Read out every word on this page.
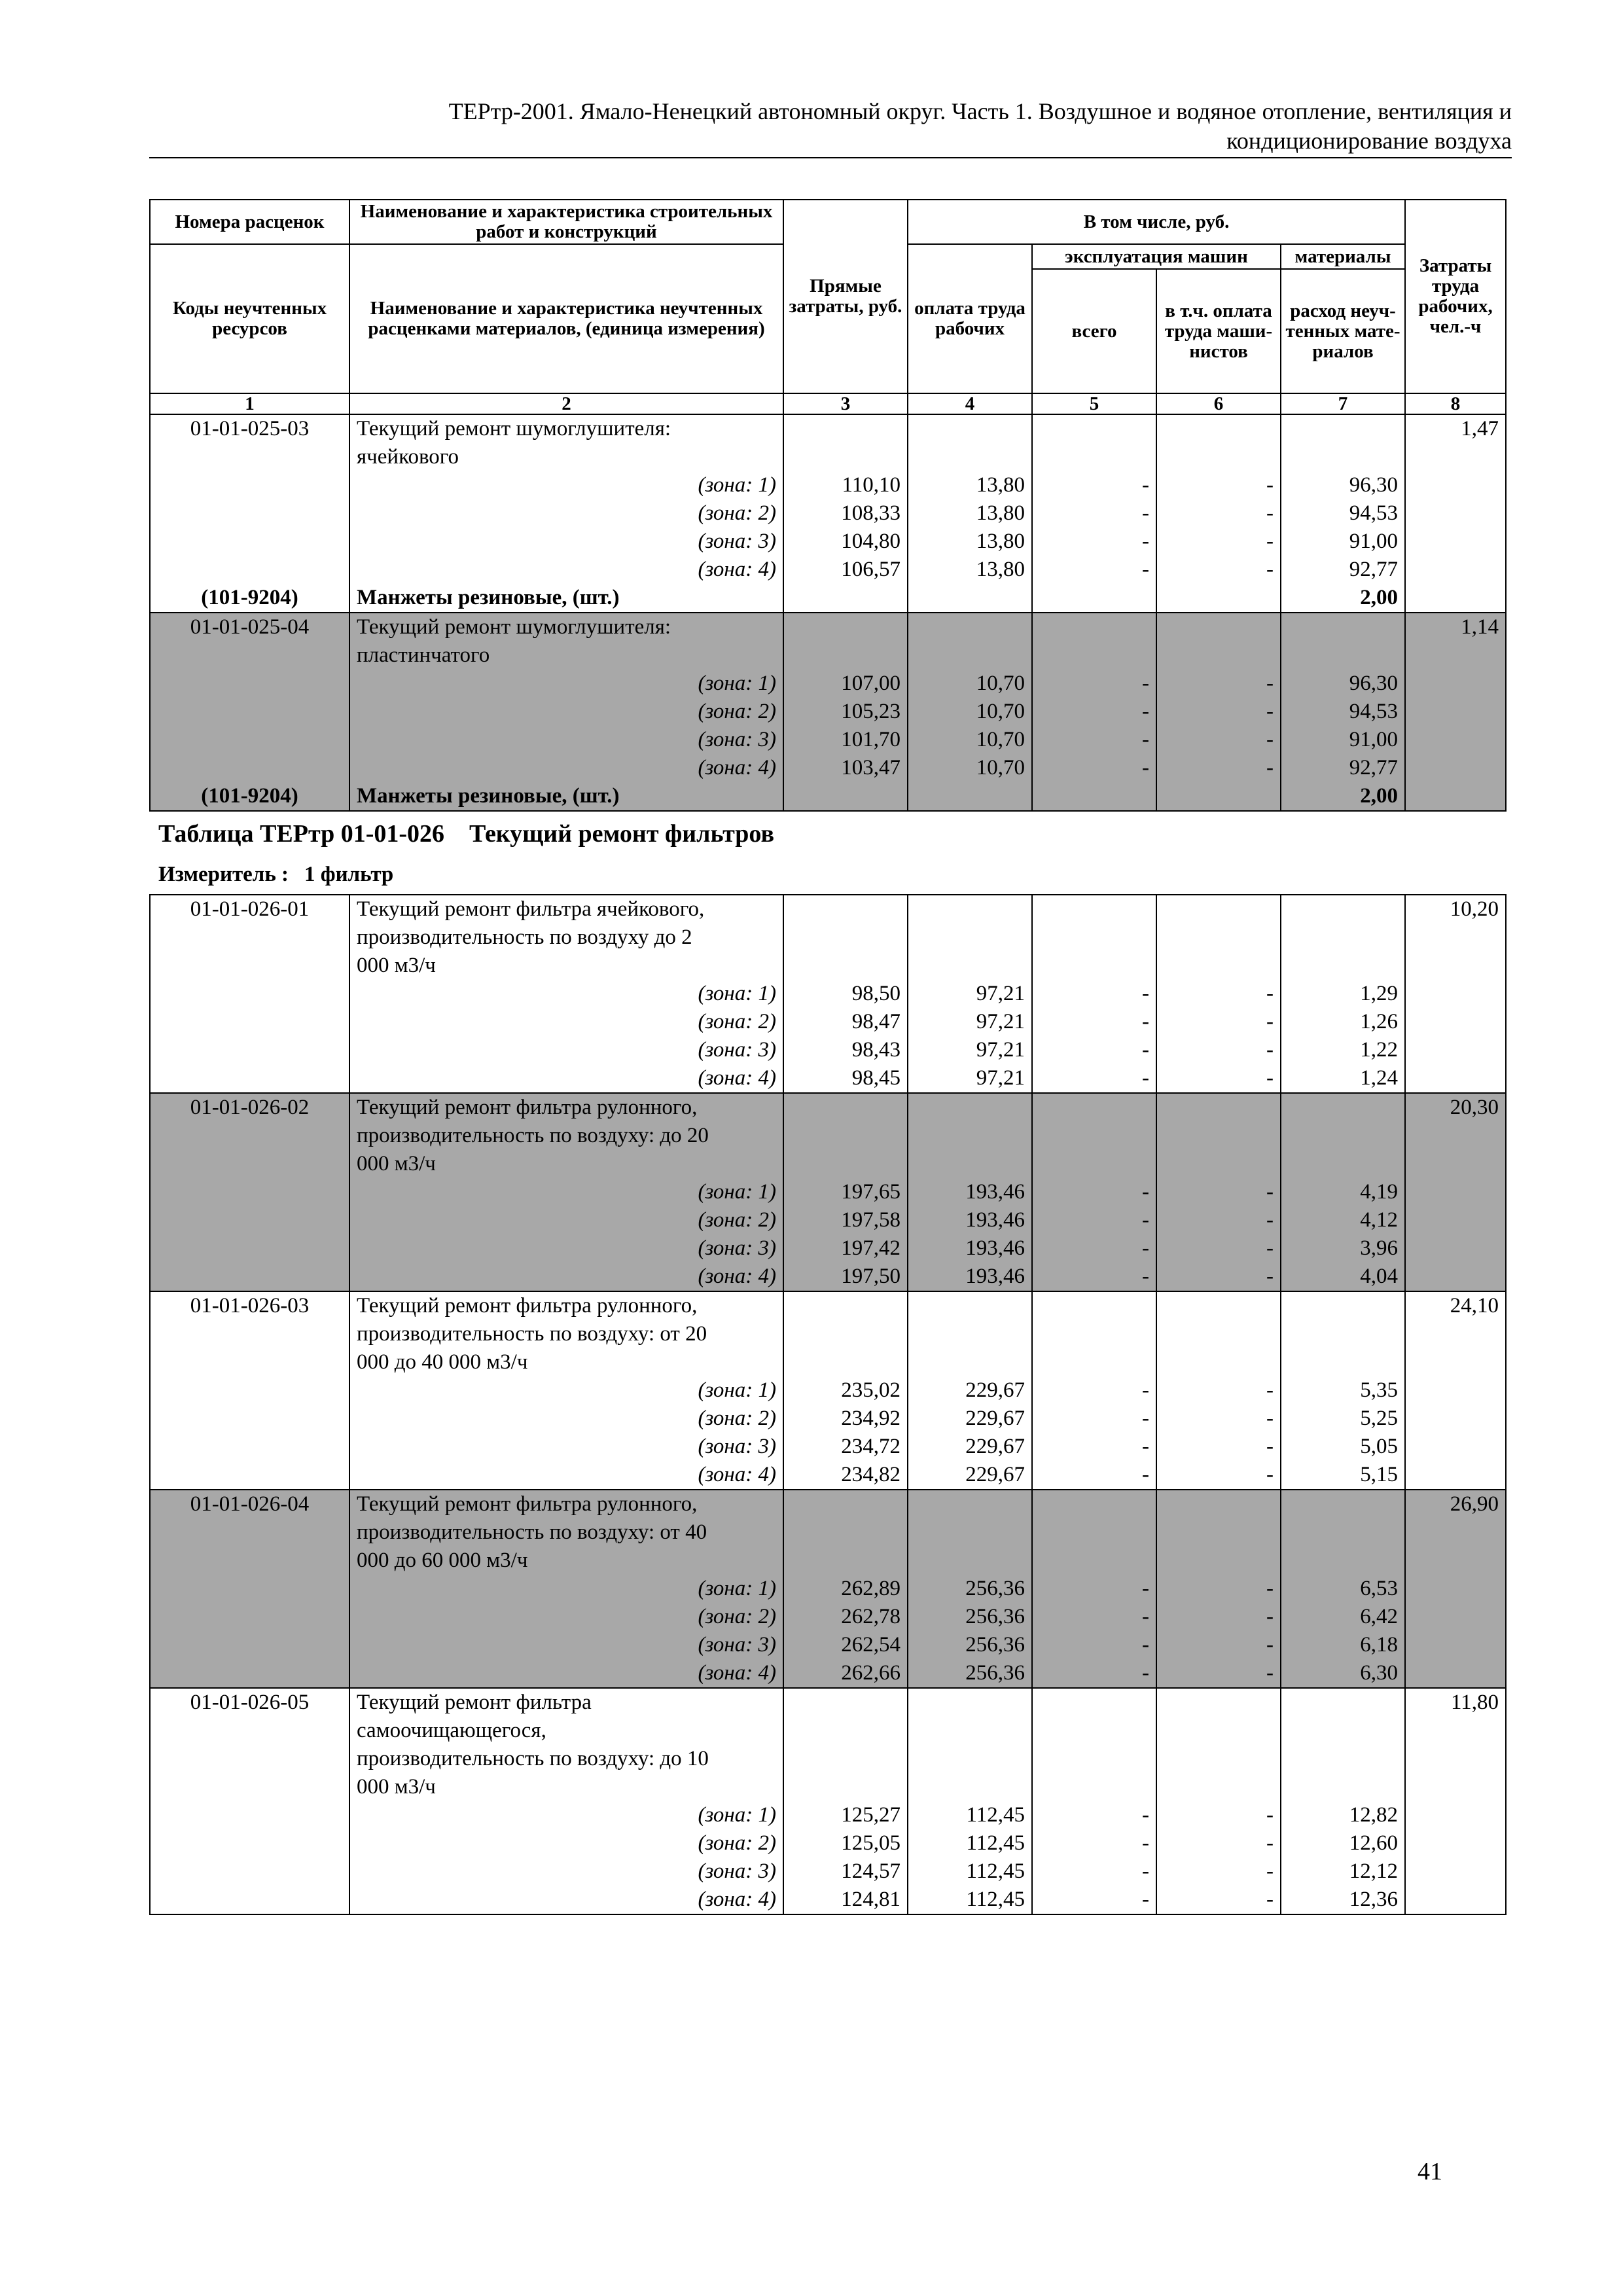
ТЕРтр-2001. Ямало-Ненецкий автономный округ. Часть 1. Воздушное и водяное отопление, вентиляция и
кондиционирование воздуха
Номера расценок	Наименование и характеристика строительных работ и конструкций	Прямые затраты, руб.	В том числе, руб.				Затраты труда рабочих, чел.-ч
Коды неучтенных ресурсов	Наименование и характеристика неучтенных расценками материалов, (единица измерения)		оплата труда рабочих	эксплуатация машин		материалы	
				всего	в т.ч. оплата труда маши- нистов	расход неуч- тенных мате- риалов	
1	2	3	4	5	6	7	8
01-01-025-03	Текущий ремонт шумоглушителя:						1,47
	ячейкового						
	(зона: 1)	110,10	13,80	-	-	96,30	
	(зона: 2)	108,33	13,80	-	-	94,53	
	(зона: 3)	104,80	13,80	-	-	91,00	
	(зона: 4)	106,57	13,80	-	-	92,77	
(101-9204)	Манжеты резиновые, (шт.)					2,00	
01-01-025-04	Текущий ремонт шумоглушителя:						1,14
	пластинчатого						
	(зона: 1)	107,00	10,70	-	-	96,30	
	(зона: 2)	105,23	10,70	-	-	94,53	
	(зона: 3)	101,70	10,70	-	-	91,00	
	(зона: 4)	103,47	10,70	-	-	92,77	
(101-9204)	Манжеты резиновые, (шт.)					2,00	
Таблица ТЕРтр 01-01-026 Текущий ремонт фильтров
Измеритель : 1 фильтр
01-01-026-01	Текущий ремонт фильтра ячейкового,						10,20
	производительность по воздуху до 2						
	000 м3/ч						
	(зона: 1)	98,50	97,21	-	-	1,29	
	(зона: 2)	98,47	97,21	-	-	1,26	
	(зона: 3)	98,43	97,21	-	-	1,22	
	(зона: 4)	98,45	97,21	-	-	1,24	
01-01-026-02	Текущий ремонт фильтра рулонного,						20,30
	производительность по воздуху: до 20						
	000 м3/ч						
	(зона: 1)	197,65	193,46	-	-	4,19	
	(зона: 2)	197,58	193,46	-	-	4,12	
	(зона: 3)	197,42	193,46	-	-	3,96	
	(зона: 4)	197,50	193,46	-	-	4,04	
01-01-026-03	Текущий ремонт фильтра рулонного,						24,10
	производительность по воздуху: от 20						
	000 до 40 000 м3/ч						
	(зона: 1)	235,02	229,67	-	-	5,35	
	(зона: 2)	234,92	229,67	-	-	5,25	
	(зона: 3)	234,72	229,67	-	-	5,05	
	(зона: 4)	234,82	229,67	-	-	5,15	
01-01-026-04	Текущий ремонт фильтра рулонного,						26,90
	производительность по воздуху: от 40						
	000 до 60 000 м3/ч						
	(зона: 1)	262,89	256,36	-	-	6,53	
	(зона: 2)	262,78	256,36	-	-	6,42	
	(зона: 3)	262,54	256,36	-	-	6,18	
	(зона: 4)	262,66	256,36	-	-	6,30	
01-01-026-05	Текущий ремонт фильтра						11,80
	самоочищающегося,						
	производительность по воздуху: до 10						
	000 м3/ч						
	(зона: 1)	125,27	112,45	-	-	12,82	
	(зона: 2)	125,05	112,45	-	-	12,60	
	(зона: 3)	124,57	112,45	-	-	12,12	
	(зона: 4)	124,81	112,45	-	-	12,36	
41
